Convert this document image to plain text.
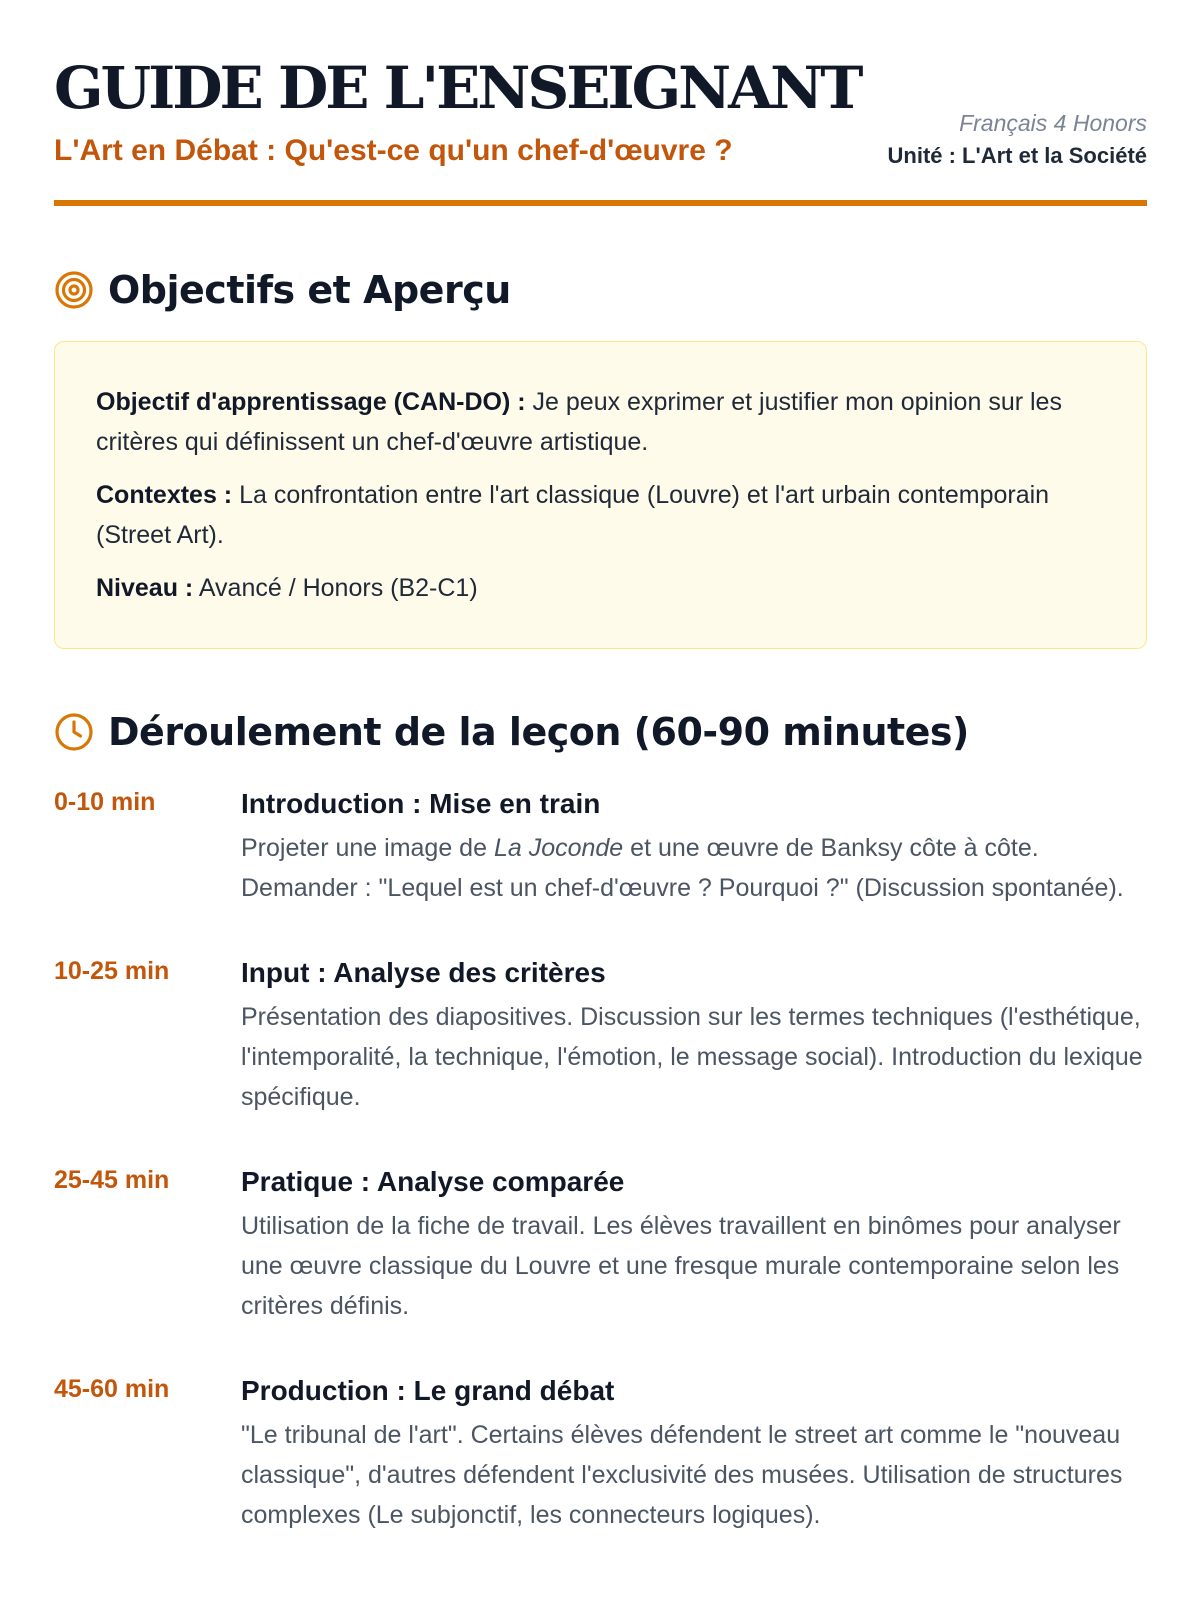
GUIDE DE L'ENSEIGNANT
L'Art en Débat : Qu'est-ce qu'un chef-d'œuvre ?
Français 4 Honors
Unité : L'Art et la Société
Objectifs et Aperçu

Objectif d'apprentissage (CAN-DO) : Je peux exprimer et justifier mon opinion sur les critères qui définissent un chef-d'œuvre artistique.

Contextes : La confrontation entre l'art classique (Louvre) et l'art urbain contemporain (Street Art).

Niveau : Avancé / Honors (B2-C1)

Déroulement de la leçon (60-90 minutes)
0-10 min	Introduction : Mise en train

Projeter une image de La Joconde et une œuvre de Banksy côte à côte. Demander : "Lequel est un chef-d'œuvre ? Pourquoi ?" (Discussion spontanée).

10-25 min	Input : Analyse des critères

Présentation des diapositives. Discussion sur les termes techniques (l'esthétique, l'intemporalité, la technique, l'émotion, le message social). Introduction du lexique spécifique.

25-45 min	Pratique : Analyse comparée

Utilisation de la fiche de travail. Les élèves travaillent en binômes pour analyser une œuvre classique du Louvre et une fresque murale contemporaine selon les critères définis.

45-60 min	Production : Le grand débat

"Le tribunal de l'art". Certains élèves défendent le street art comme le "nouveau classique", d'autres défendent l'exclusivité des musées. Utilisation de structures complexes (Le subjonctif, les connecteurs logiques).
